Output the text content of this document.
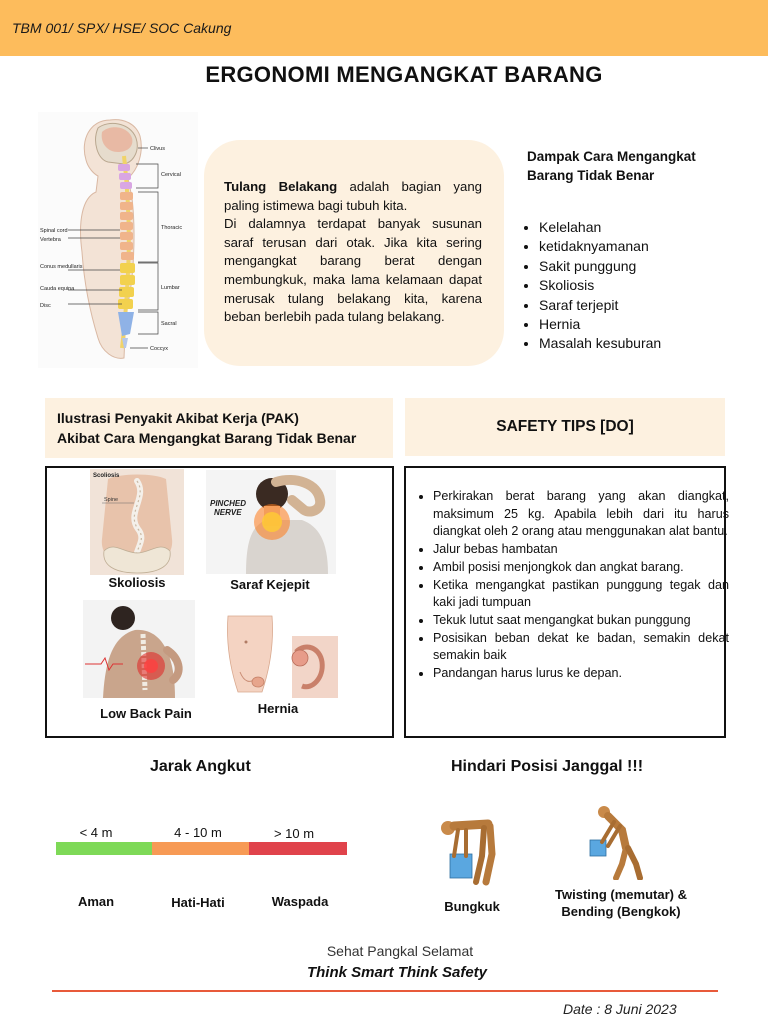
TBM 001/ SPX/ HSE/ SOC Cakung
ERGONOMI MENGANGKAT BARANG
Clivus
Cervical
Thoracic
Lumbar
Sacral
Coccyx
Spinal cord
Vertebra
Conus medullaris
Cauda equina
Disc
Tulang Belakang adalah bagian yang paling istimewa bagi tubuh kita.
Di dalamnya terdapat banyak susunan saraf terusan dari otak. Jika kita sering mengangkat barang berat dengan membungkuk, maka lama kelamaan dapat merusak tulang belakang kita, karena beban berlebih pada tulang belakang.
Dampak Cara Mengangkat Barang Tidak Benar
• Kelelahan
• ketidaknyamanan
• Sakit punggung
• Skoliosis
• Saraf terjepit
• Hernia
• Masalah kesuburan
Ilustrasi Penyakit Akibat Kerja (PAK)
Akibat Cara Mengangkat Barang Tidak Benar
SAFETY TIPS [DO]
Scoliosis
Spine
Skoliosis
PINCHED
NERVE
Saraf Kejepit
Low Back Pain	Hernia
• Perkirakan berat barang yang akan diangkat, maksimum 25 kg. Apabila lebih dari itu harus diangkat oleh 2 orang atau menggunakan alat bantu.
• Jalur bebas hambatan
• Ambil posisi menjongkok dan angkat barang.
• Ketika mengangkat pastikan punggung tegak dan kaki jadi tumpuan
• Tekuk lutut saat mengangkat bukan punggung
• Posisikan beban dekat ke badan, semakin dekat semakin baik
• Pandangan harus lurus ke depan.
Jarak Angkut
< 4 m	4 - 10 m	> 10 m
Aman	Hati-Hati	Waspada
Hindari Posisi Janggal !!!
Bungkuk
Twisting (memutar) &
Bending (Bengkok)
Sehat Pangkal Selamat
Think Smart Think Safety
Date : 8 Juni 2023
